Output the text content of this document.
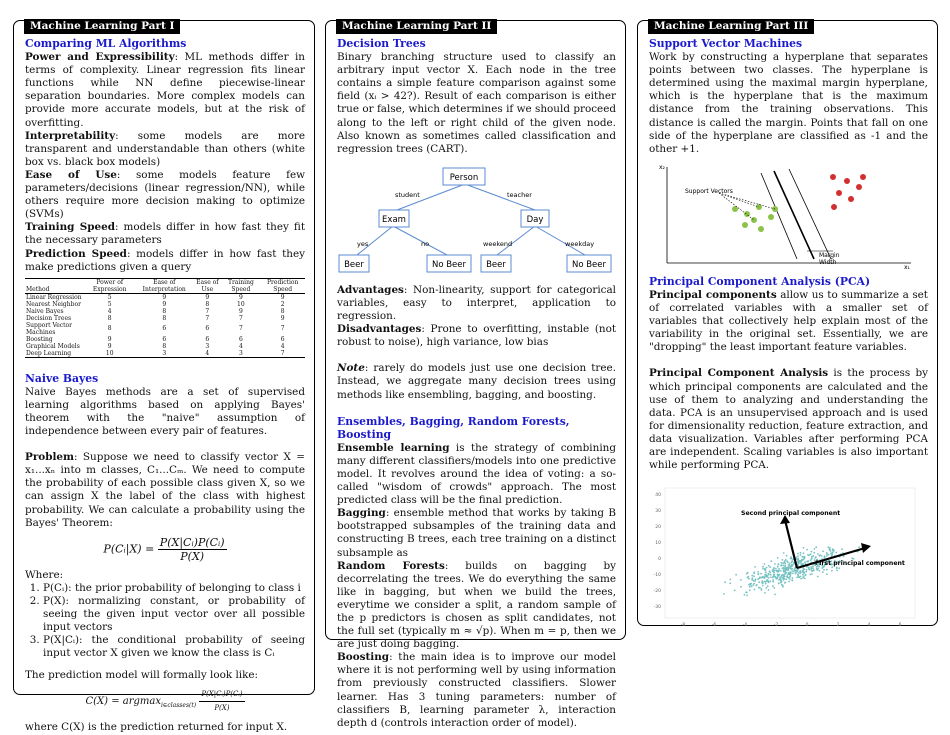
Machine Learning Part I
Comparing ML Algorithms

Power and Expressibility: ML methods differ in terms of complexity. Linear regression fits linear functions while NN define piecewise-linear separation boundaries. More complex models can provide more accurate models, but at the risk of overfitting.

Interpretability: some models are more transparent and understandable than others (white box vs. black box models)

Ease of Use: some models feature few parameters/decisions (linear regression/NN), while others require more decision making to optimize (SVMs)

Training Speed: models differ in how fast they fit the necessary parameters

Prediction Speed: models differ in how fast they make predictions given a query

Method	Power of Expression	Ease of Interpretation	Ease of Use	Training Speed	Prediction Speed
Linear Regression	5	9	9	9	9
Nearest Neighbor	5	9	8	10	2
Naive Bayes	4	8	7	9	8
Decision Trees	8	8	7	7	9
Support Vector Machines	8	6	6	7	7
Boosting	9	6	6	6	6
Graphical Models	9	8	3	4	4
Deep Learning	10	3	4	3	7
Naive Bayes

Naive Bayes methods are a set of supervised learning algorithms based on applying Bayes' theorem with the "naive" assumption of independence between every pair of features.

Problem: Suppose we need to classify vector X = x₁...xₙ into m classes, C₁...Cₘ. We need to compute the probability of each possible class given X, so we can assign X the label of the class with highest probability. We can calculate a probability using the Bayes' Theorem:

P(Cᵢ|X) = $\frac{\text{P(X|Cᵢ)P(Cᵢ)}}{P(X)}$

Where:

1. P(Cᵢ): the prior probability of belonging to class i
2. P(X): normalizing constant, or probability of seeing the given input vector over all possible input vectors
3. P(X|Cᵢ): the conditional probability of seeing input vector X given we know the class is Cᵢ

The prediction model will formally look like:

$C(X) = argmax_{i\in classes(t)} \frac{\text{P(X|Cᵢ)P(Cᵢ)}}{P(X)}$

where C(X) is the prediction returned for input X.

Machine Learning Part II
Decision Trees

Binary branching structure used to classify an arbitrary input vector X. Each node in the tree contains a simple feature comparison against some field (xᵢ > 42?). Result of each comparison is either true or false, which determines if we should proceed along to the left or right child of the given node. Also known as sometimes called classification and regression trees (CART).

Person
Exam	Day
Beer	No Beer Beer	No Beer
student	teacher
yes	no	weekend	weekday

Advantages: Non-linearity, support for categorical variables, easy to interpret, application to regression.

Disadvantages: Prone to overfitting, instable (not robust to noise), high variance, low bias

Note: rarely do models just use one decision tree. Instead, we aggregate many decision trees using methods like ensembling, bagging, and boosting.

Ensembles, Bagging, Random Forests, Boosting

Ensemble learning is the strategy of combining many different classifiers/models into one predictive model. It revolves around the idea of voting: a so-called "wisdom of crowds" approach. The most predicted class will be the final prediction.

Bagging: ensemble method that works by taking B bootstrapped subsamples of the training data and constructing B trees, each tree training on a distinct subsample as

Random Forests: builds on bagging by decorrelating the trees. We do everything the same like in bagging, but when we build the trees, everytime we consider a split, a random sample of the p predictors is chosen as split candidates, not the full set (typically m ≈ √p). When m = p, then we are just doing bagging.

Boosting: the main idea is to improve our model where it is not performing well by using information from previously constructed classifiers. Slower learner. Has 3 tuning parameters: number of classifiers B, learning parameter λ, interaction depth d (controls interaction order of model).

Machine Learning Part III
Support Vector Machines

Work by constructing a hyperplane that separates points between two classes. The hyperplane is determined using the maximal margin hyperplane, which is the hyperplane that is the maximum distance from the training observations. This distance is called the margin. Points that fall on one side of the hyperplane are classified as -1 and the other +1.

x₂
x₁
Support Vectors
Margin
Width
Principal Component Analysis (PCA)

Principal components allow us to summarize a set of correlated variables with a smaller set of variables that collectively help explain most of the variability in the original set. Essentially, we are "dropping" the least important feature variables.

Principal Component Analysis is the process by which principal components are calculated and the use of them to analyzing and understanding the data. PCA is an unsupervised approach and is used for dimensionality reduction, feature extraction, and data visualization. Variables after performing PCA are independent. Scaling variables is also important while performing PCA.

Second principal component
First principal component
-8	-6	-4	-2	0	2	4	6
40
30
20
10
0
-10
-20
-30
